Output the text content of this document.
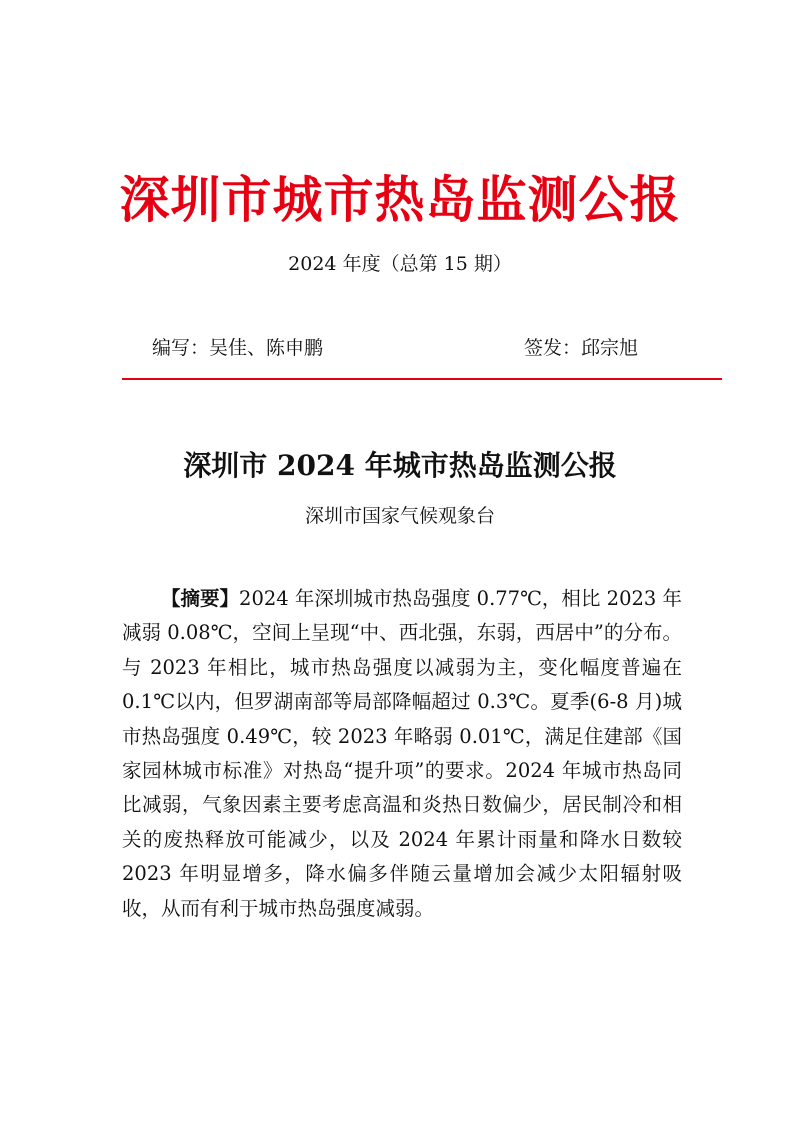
深圳市城市热岛监测公报
2024 年度（总第 15 期）
编写：吴佳、陈申鹏	签发：邱宗旭
深圳市 2024 年城市热岛监测公报
深圳市国家气候观象台

【摘要】2024 年深圳城市热岛强度 0.77℃，相比 2023 年减弱 0.08℃，空间上呈现“中、西北强，东弱，西居中”的分布。与 2023 年相比，城市热岛强度以减弱为主，变化幅度普遍在 0.1℃以内，但罗湖南部等局部降幅超过 0.3℃。夏季(6-8 月)城市热岛强度 0.49℃，较 2023 年略弱 0.01℃，满足住建部《国家园林城市标准》对热岛“提升项”的要求。2024 年城市热岛同比减弱，气象因素主要考虑高温和炎热日数偏少，居民制冷和相关的废热释放可能减少，以及 2024 年累计雨量和降水日数较 2023 年明显增多，降水偏多伴随云量增加会减少太阳辐射吸收，从而有利于城市热岛强度减弱。
